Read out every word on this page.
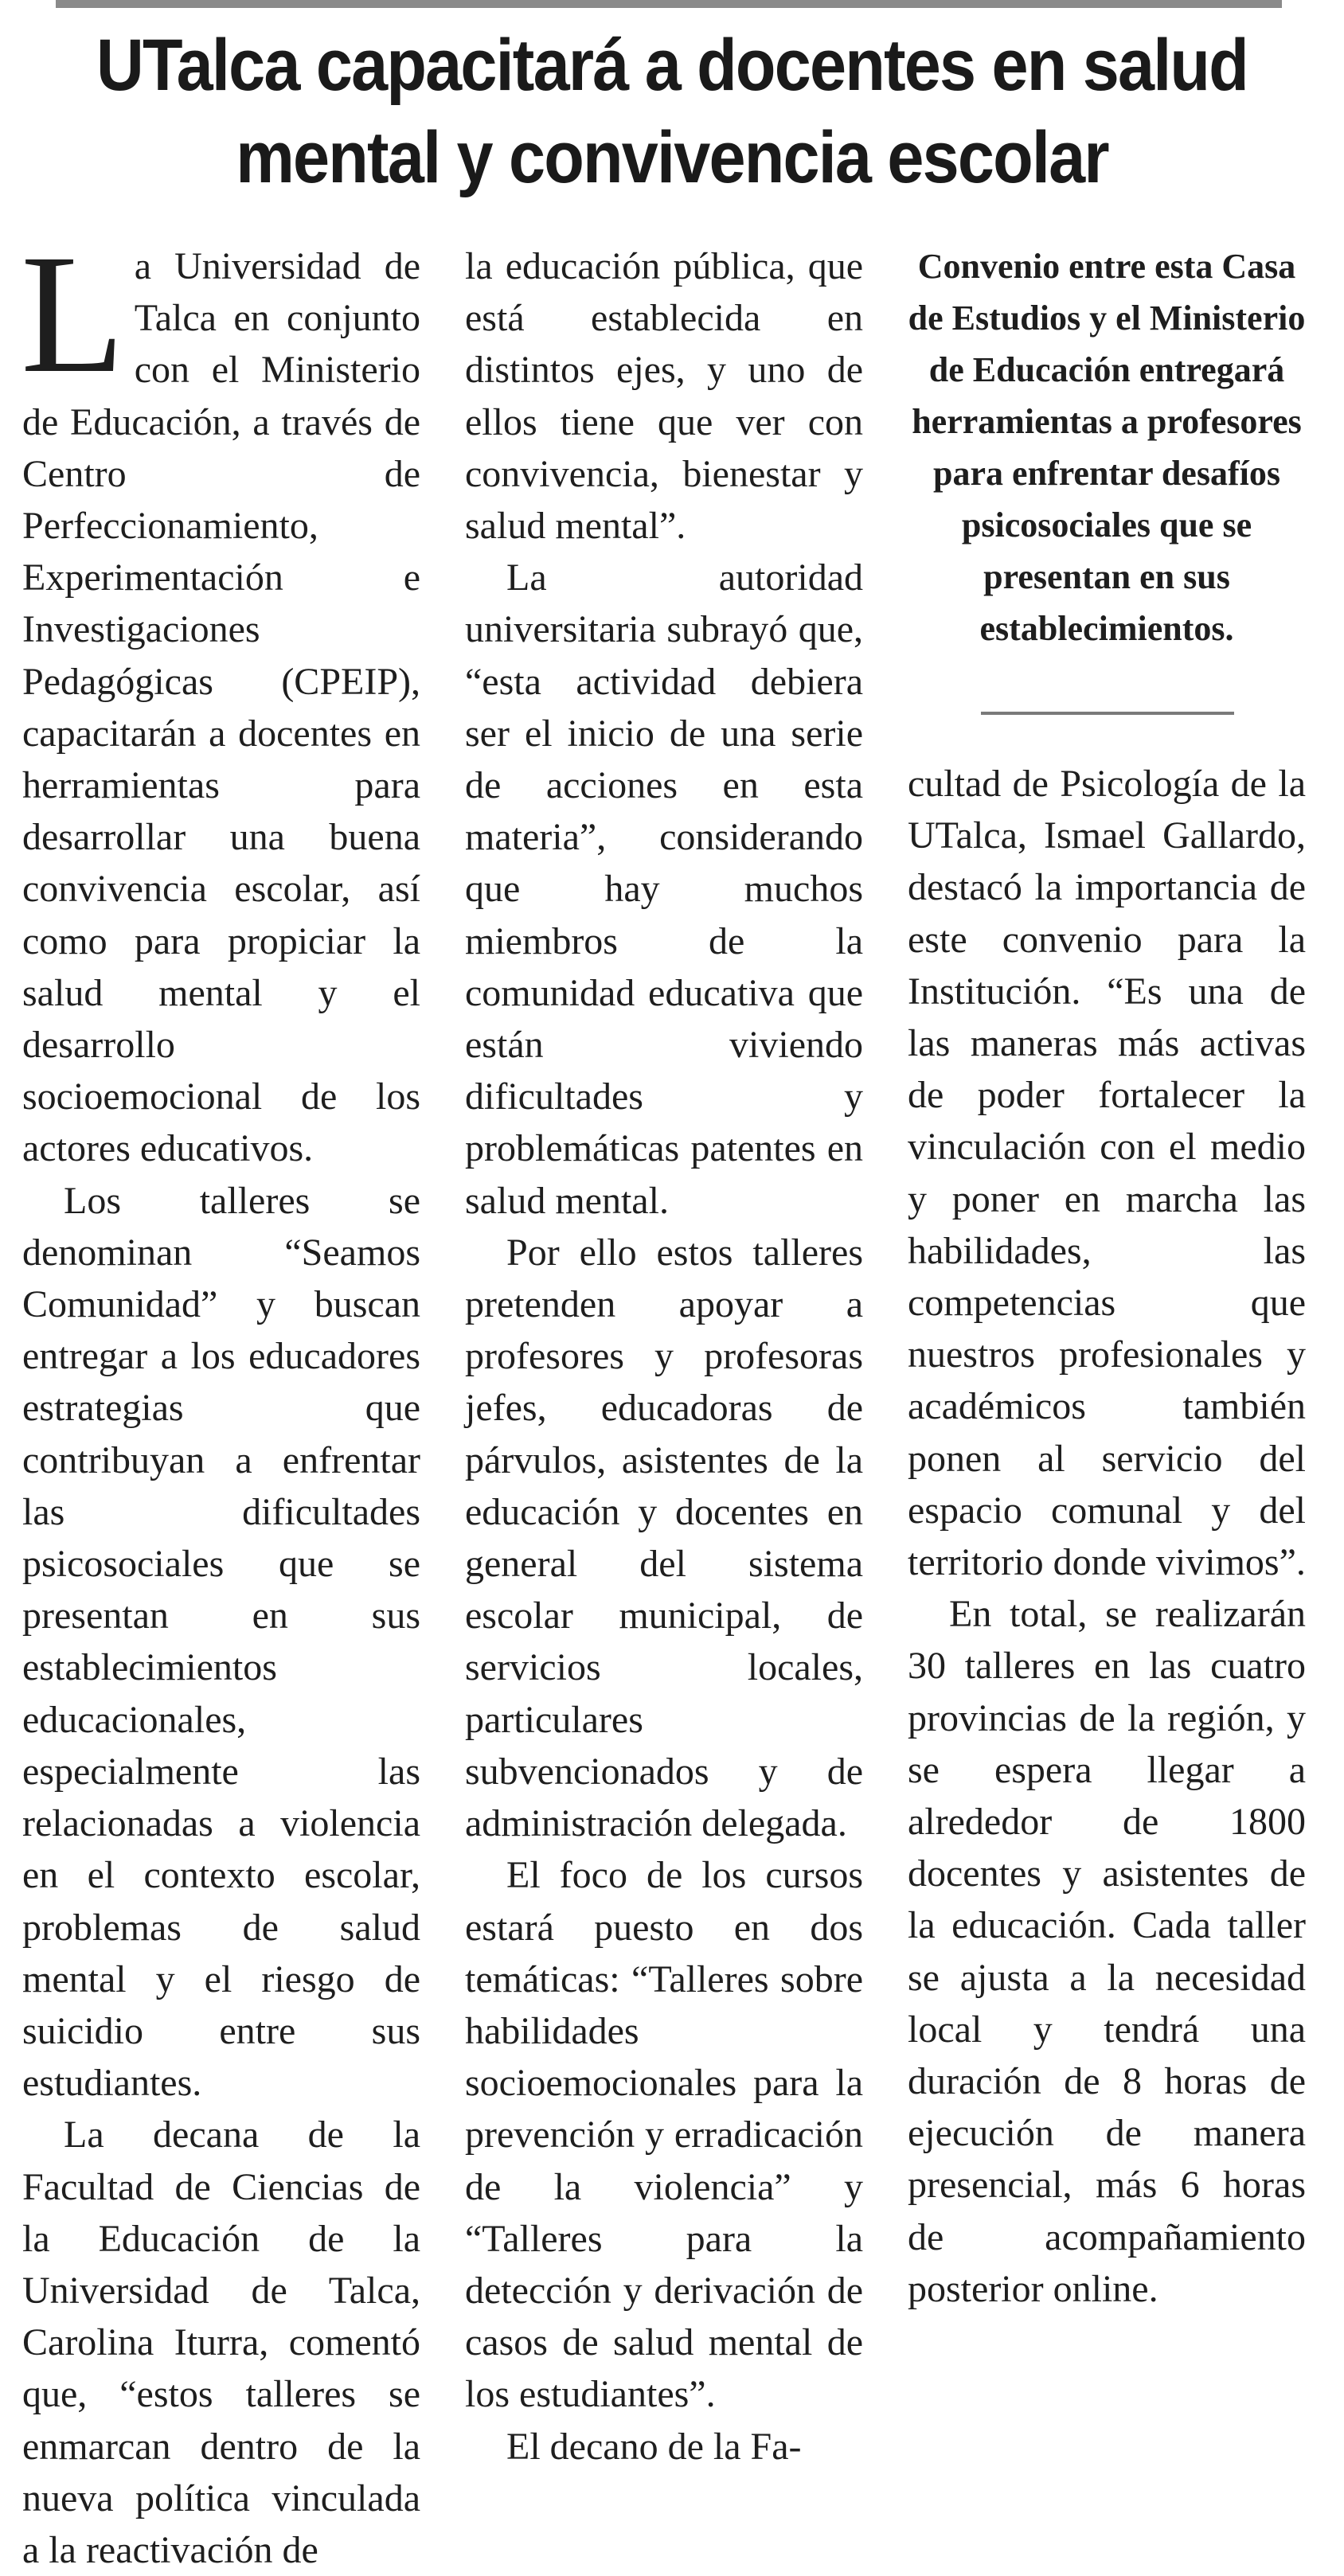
UTalca capacitará a docentes en salud mental y convivencia escolar

La Universidad de Talca en conjunto con el Ministerio de Educación, a través de Centro de Perfeccionamiento, Experimentación e Investigaciones Pedagógicas (CPEIP), capacitarán a docentes en herramientas para desarrollar una buena convivencia escolar, así como para propiciar la salud mental y el desarrollo socioemocional de los actores educativos.

Los talleres se denominan “Seamos Comunidad” y buscan entregar a los educadores estrategias que contribuyan a enfrentar las dificultades psicosociales que se presentan en sus establecimientos educacionales, especialmente las relacionadas a violencia en el contexto escolar, problemas de salud mental y el riesgo de suicidio entre sus estudiantes.

La decana de la Facultad de Ciencias de la Educación de la Universidad de Talca, Carolina Iturra, comentó que, “estos talleres se enmarcan dentro de la nueva política vinculada a la reactivación de

la educación pública, que está establecida en distintos ejes, y uno de ellos tiene que ver con convivencia, bienestar y salud mental”.

La autoridad universitaria subrayó que, “esta actividad debiera ser el inicio de una serie de acciones en esta materia”, considerando que hay muchos miembros de la comunidad educativa que están viviendo dificultades y problemáticas patentes en salud mental.

Por ello estos talleres pretenden apoyar a profesores y profesoras jefes, educadoras de párvulos, asistentes de la educación y docentes en general del sistema escolar municipal, de servicios locales, particulares subvencionados y de administración delegada.

El foco de los cursos estará puesto en dos temáticas: “Talleres sobre habilidades socioemocionales para la prevención y erradicación de la violencia” y “Talleres para la detección y derivación de casos de salud mental de los estudiantes”.

El decano de la Fa-

Convenio entre esta Casa de Estudios y el Ministerio de Educación entregará herramientas a profesores para enfrentar desafíos psicosociales que se presentan en sus establecimientos.

cultad de Psicología de la UTalca, Ismael Gallardo, destacó la importancia de este convenio para la Institución. “Es una de las maneras más activas de poder fortalecer la vinculación con el medio y poner en marcha las habilidades, las competencias que nuestros profesionales y académicos también ponen al servicio del espacio comunal y del territorio donde vivimos”.

En total, se realizarán 30 talleres en las cuatro provincias de la región, y se espera llegar a alrededor de 1800 docentes y asistentes de la educación. Cada taller se ajusta a la necesidad local y tendrá una duración de 8 horas de ejecución de manera presencial, más 6 horas de acompañamiento posterior online.
